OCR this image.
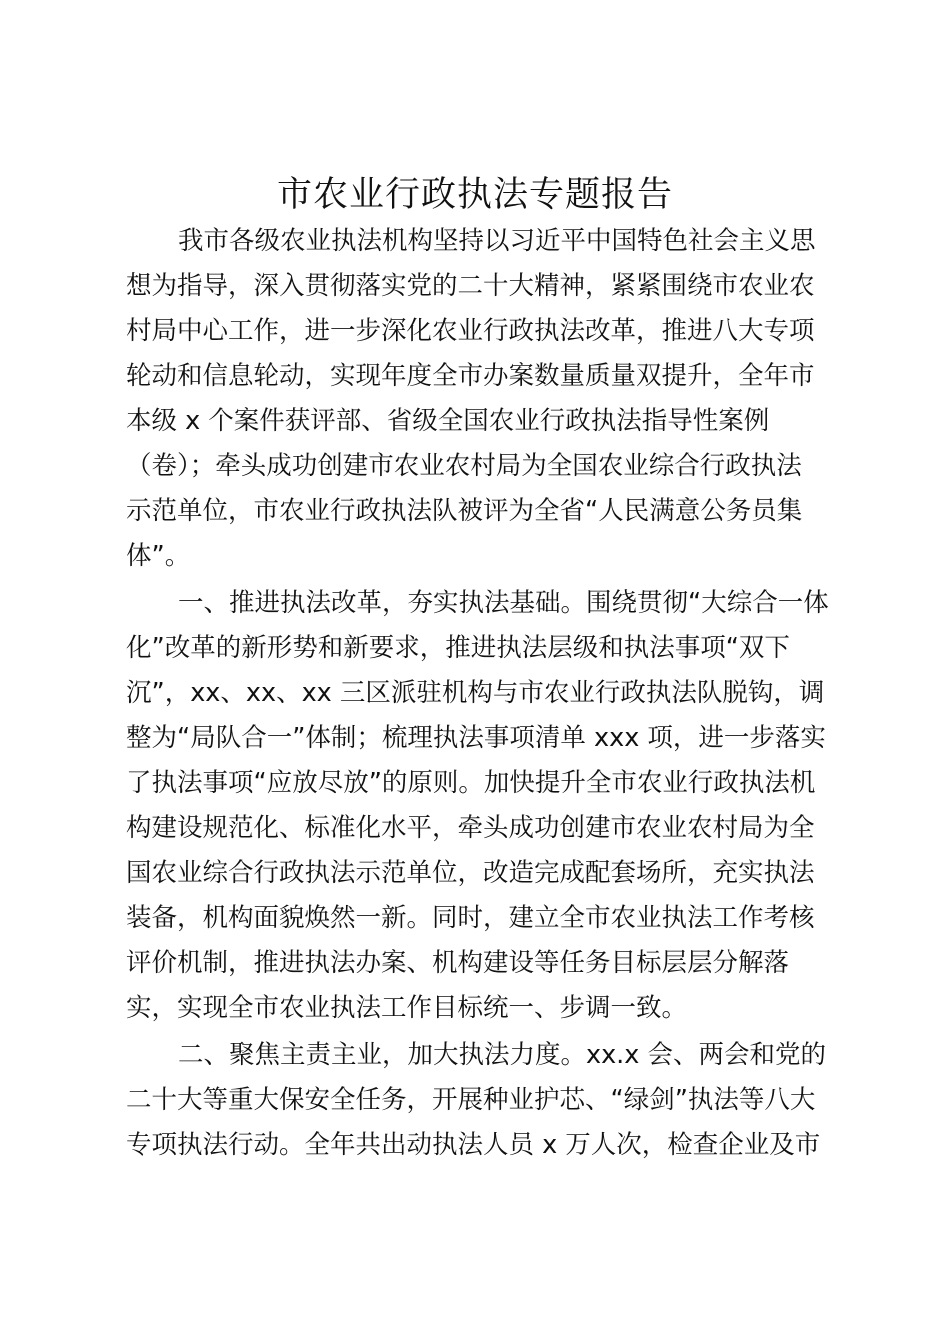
市农业行政执法专题报告

我市各级农业执法机构坚持以习近平中国特色社会主义思

想为指导，深入贯彻落实党的二十大精神，紧紧围绕市农业农

村局中心工作，进一步深化农业行政执法改革，推进八大专项

轮动和信息轮动，实现年度全市办案数量质量双提升，全年市

本级 x 个案件获评部、省级全国农业行政执法指导性案例

（卷）；牵头成功创建市农业农村局为全国农业综合行政执法

示范单位，市农业行政执法队被评为全省“人民满意公务员集

体”。

一、推进执法改革，夯实执法基础。围绕贯彻“大综合一体

化”改革的新形势和新要求，推进执法层级和执法事项“双下

沉”，xx、xx、xx 三区派驻机构与市农业行政执法队脱钩，调

整为“局队合一”体制；梳理执法事项清单 xxx 项，进一步落实

了执法事项“应放尽放”的原则。加快提升全市农业行政执法机

构建设规范化、标准化水平，牵头成功创建市农业农村局为全

国农业综合行政执法示范单位，改造完成配套场所，充实执法

装备，机构面貌焕然一新。同时，建立全市农业执法工作考核

评价机制，推进执法办案、机构建设等任务目标层层分解落

实，实现全市农业执法工作目标统一、步调一致。

二、聚焦主责主业，加大执法力度。xx.x 会、两会和党的

二十大等重大保安全任务，开展种业护芯、“绿剑”执法等八大

专项执法行动。全年共出动执法人员 x 万人次，检查企业及市
